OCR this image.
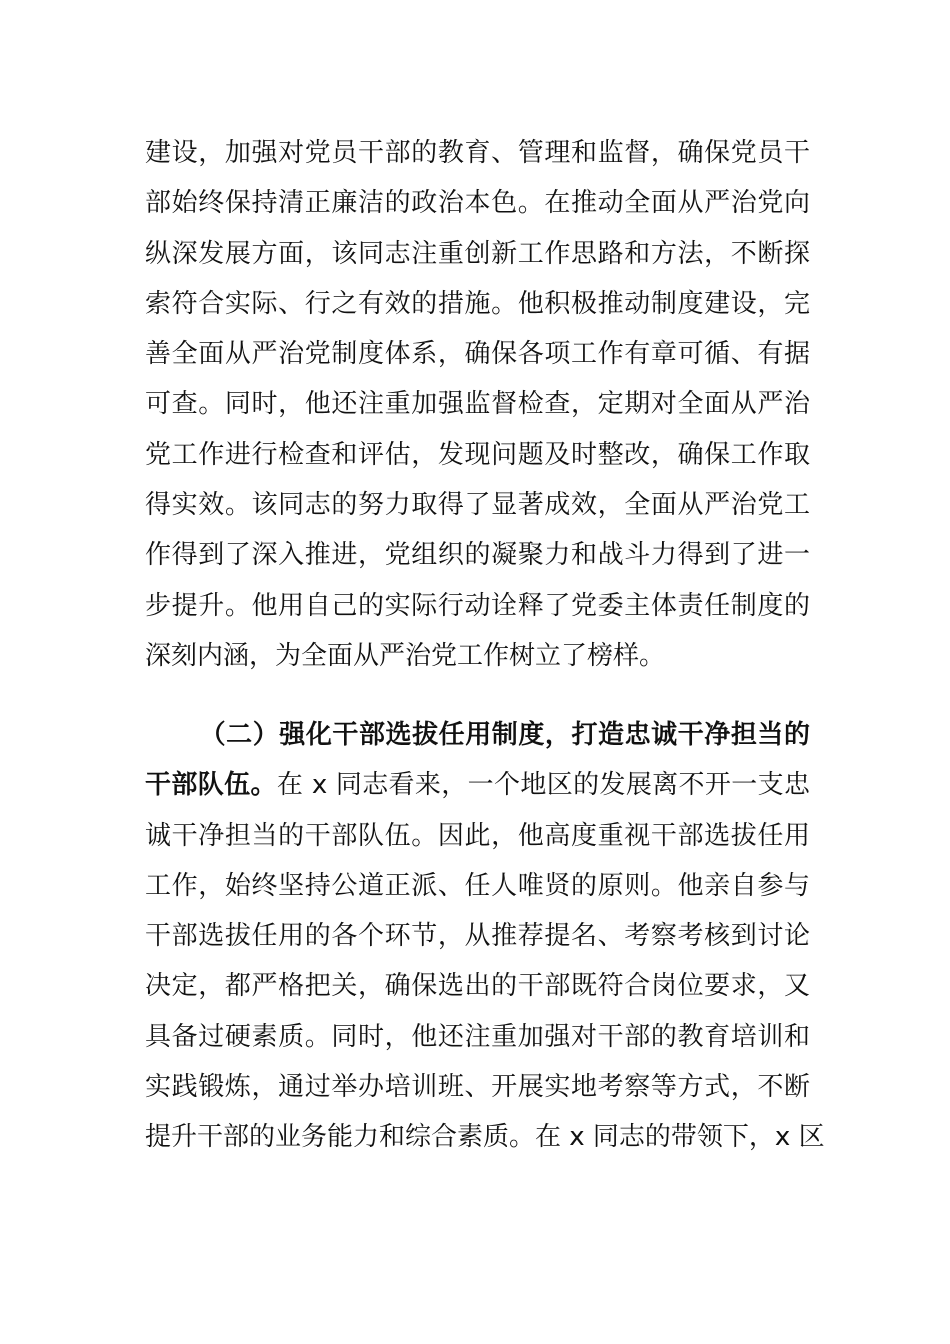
建设，加强对党员干部的教育、管理和监督，确保党员干
部始终保持清正廉洁的政治本色。在推动全面从严治党向
纵深发展方面，该同志注重创新工作思路和方法，不断探
索符合实际、行之有效的措施。他积极推动制度建设，完
善全面从严治党制度体系，确保各项工作有章可循、有据
可查。同时，他还注重加强监督检查，定期对全面从严治
党工作进行检查和评估，发现问题及时整改，确保工作取
得实效。该同志的努力取得了显著成效，全面从严治党工
作得到了深入推进，党组织的凝聚力和战斗力得到了进一
步提升。他用自己的实际行动诠释了党委主体责任制度的
深刻内涵，为全面从严治党工作树立了榜样。
（二）强化干部选拔任用制度，打造忠诚干净担当的
干部队伍。在 x 同志看来，一个地区的发展离不开一支忠
诚干净担当的干部队伍。因此，他高度重视干部选拔任用
工作，始终坚持公道正派、任人唯贤的原则。他亲自参与
干部选拔任用的各个环节，从推荐提名、考察考核到讨论
决定，都严格把关，确保选出的干部既符合岗位要求，又
具备过硬素质。同时，他还注重加强对干部的教育培训和
实践锻炼，通过举办培训班、开展实地考察等方式，不断
提升干部的业务能力和综合素质。在 x 同志的带领下，x 区
